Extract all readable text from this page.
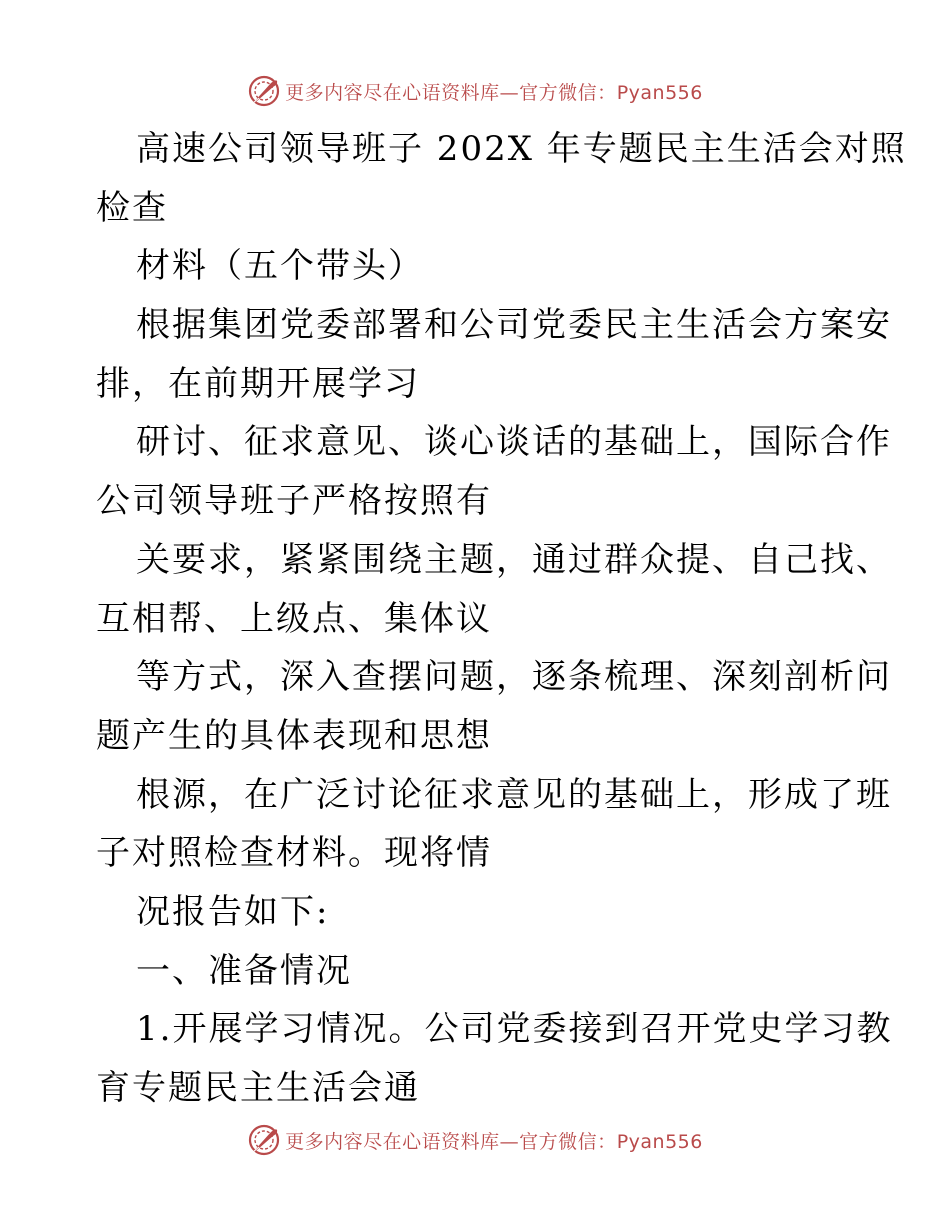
更多内容尽在心语资料库—官方微信：Pyan556
高速公司领导班子 202X 年专题民主生活会对照
检查
材料（五个带头）
根据集团党委部署和公司党委民主生活会方案安
排，在前期开展学习
研讨、征求意见、谈心谈话的基础上，国际合作
公司领导班子严格按照有
关要求，紧紧围绕主题，通过群众提、自己找、
互相帮、上级点、集体议
等方式，深入查摆问题，逐条梳理、深刻剖析问
题产生的具体表现和思想
根源，在广泛讨论征求意见的基础上，形成了班
子对照检查材料。现将情
况报告如下:
一、准备情况
1.开展学习情况。公司党委接到召开党史学习教
育专题民主生活会通
更多内容尽在心语资料库—官方微信：Pyan556
